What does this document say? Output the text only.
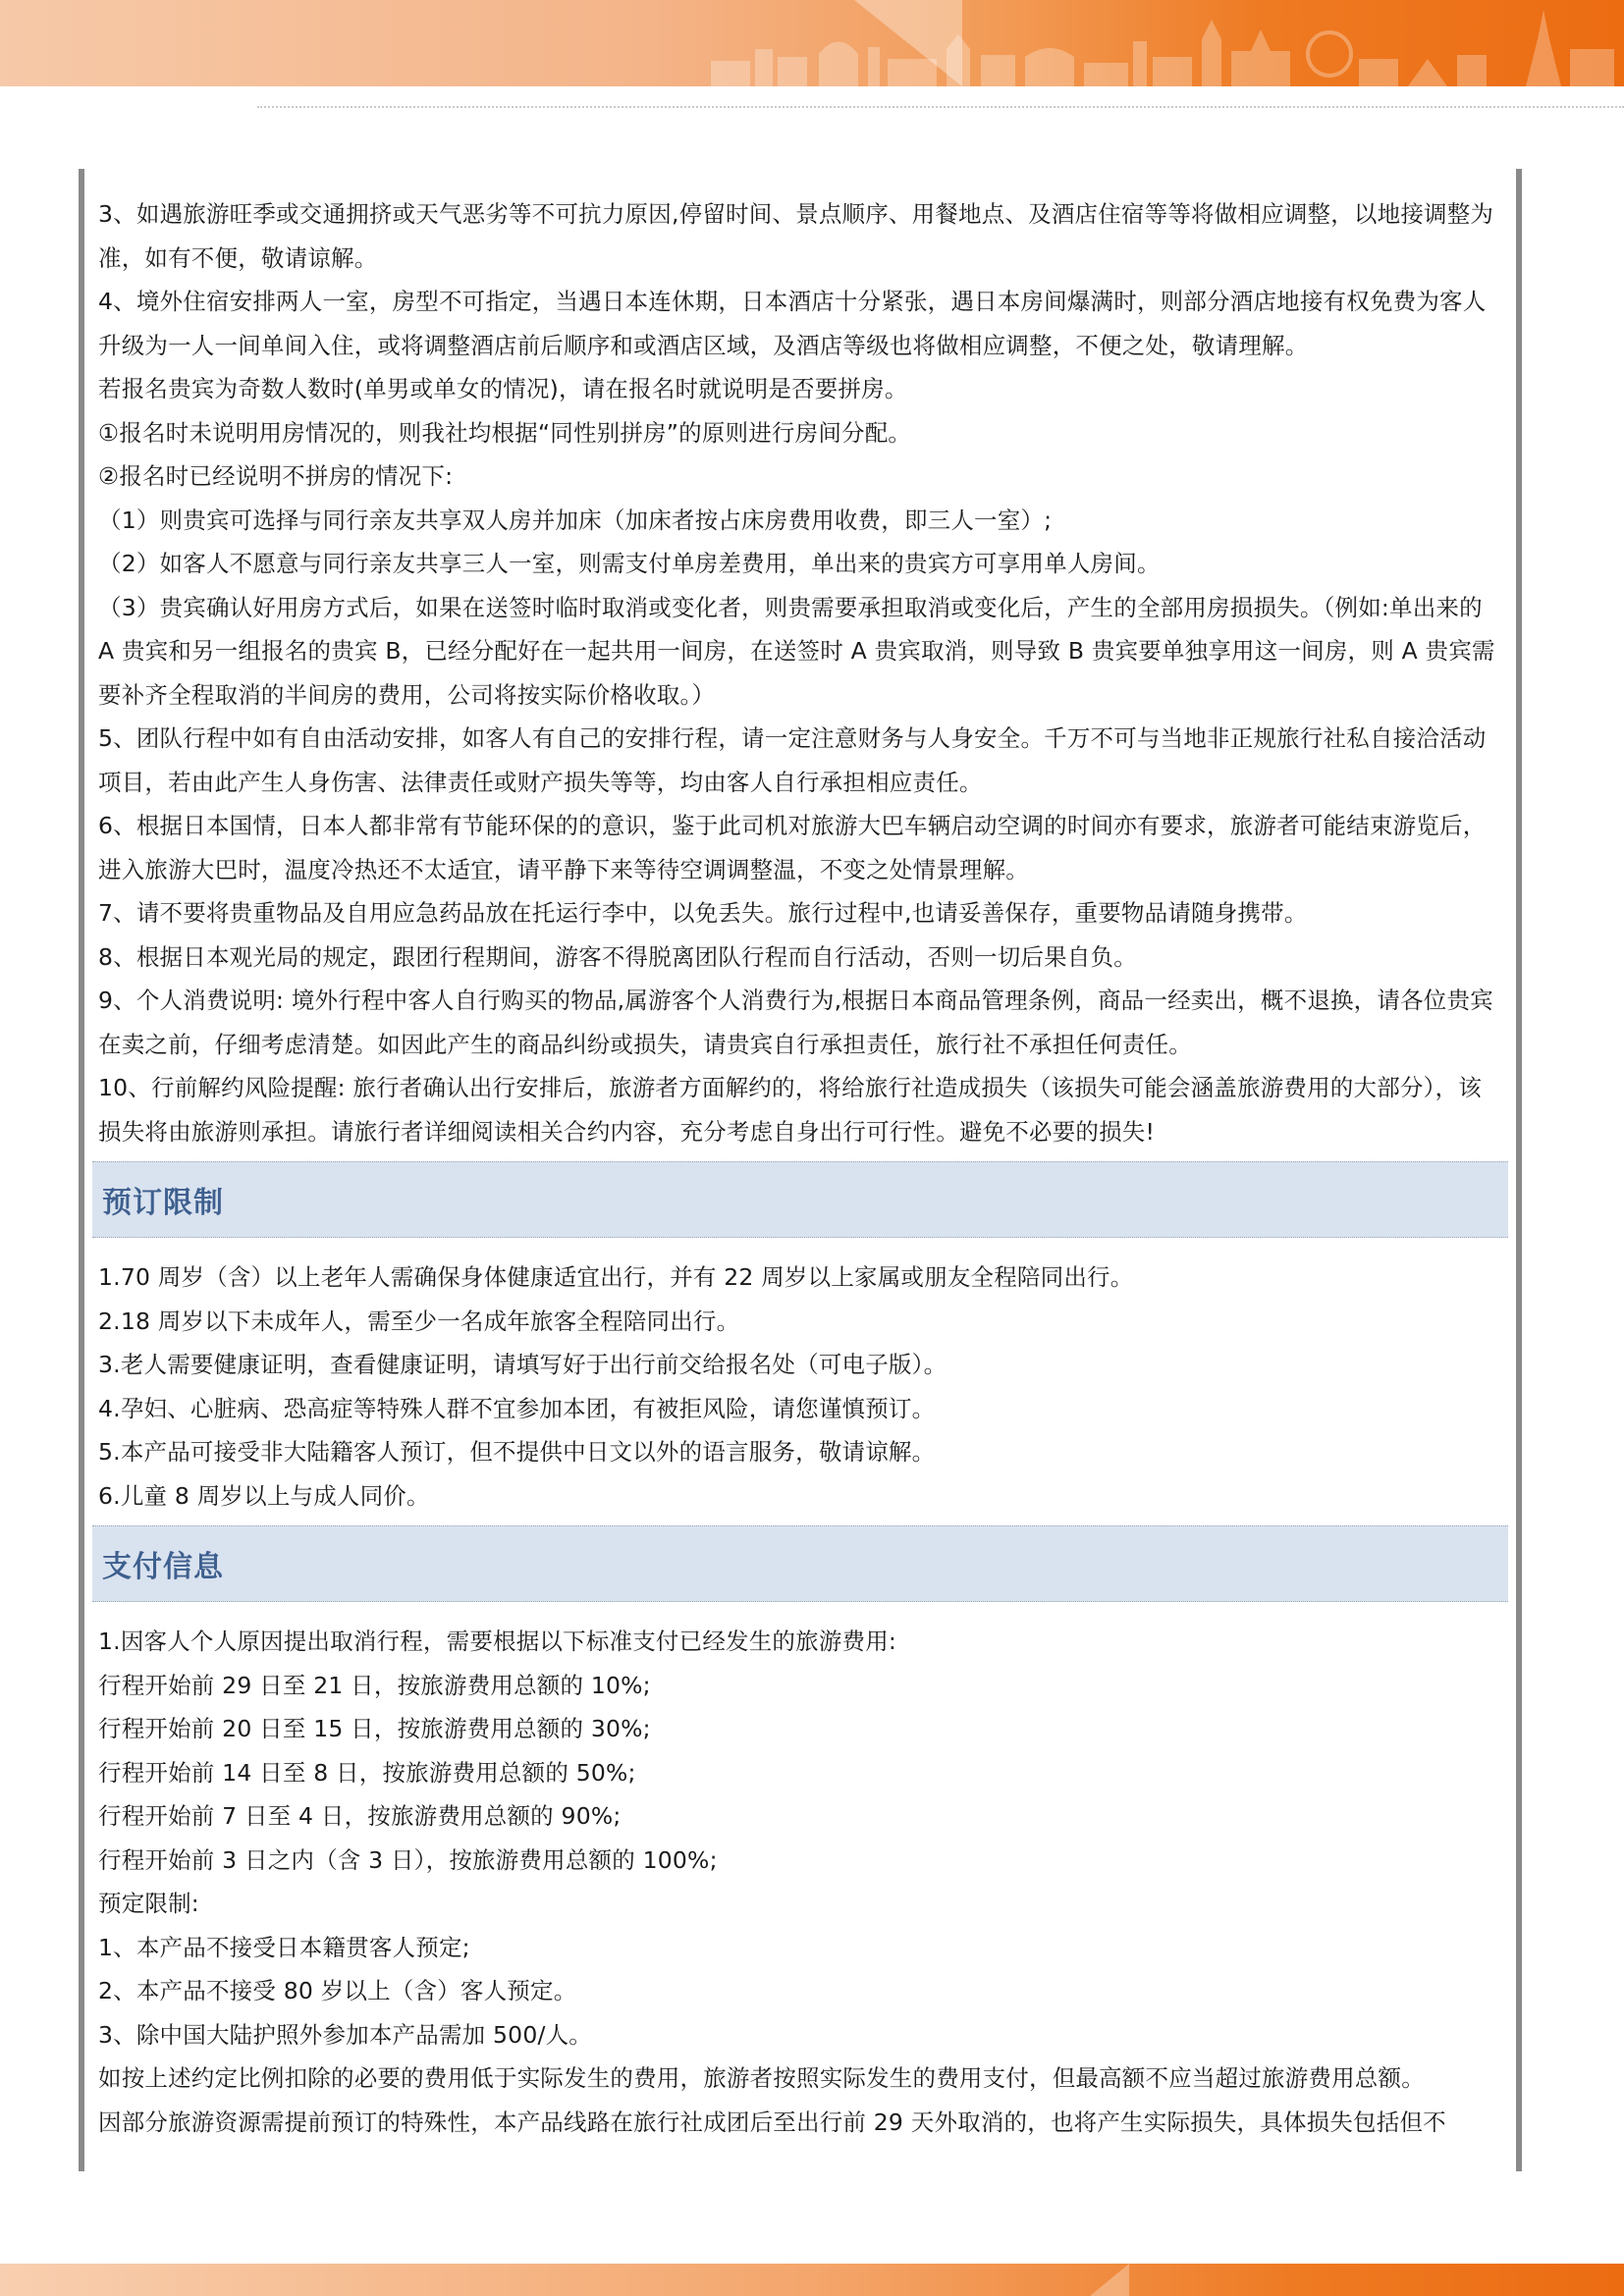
3、如遇旅游旺季或交通拥挤或天气恶劣等不可抗力原因,停留时间、景点顺序、用餐地点、及酒店住宿等等将做相应调整，以地接调整为准，如有不便，敬请谅解。

4、境外住宿安排两人一室，房型不可指定，当遇日本连休期，日本酒店十分紧张，遇日本房间爆满时，则部分酒店地接有权免费为客人升级为一人一间单间入住，或将调整酒店前后顺序和或酒店区域，及酒店等级也将做相应调整，不便之处，敬请理解。

若报名贵宾为奇数人数时(单男或单女的情况)，请在报名时就说明是否要拼房。

①报名时未说明用房情况的，则我社均根据“同性别拼房”的原则进行房间分配。

②报名时已经说明不拼房的情况下:

（1）则贵宾可选择与同行亲友共享双人房并加床（加床者按占床房费用收费，即三人一室）;

（2）如客人不愿意与同行亲友共享三人一室，则需支付单房差费用，单出来的贵宾方可享用单人房间。

（3）贵宾确认好用房方式后，如果在送签时临时取消或变化者，则贵需要承担取消或变化后，产生的全部用房损损失。（例如:单出来的 A 贵宾和另一组报名的贵宾 B，已经分配好在一起共用一间房，在送签时 A 贵宾取消，则导致 B 贵宾要单独享用这一间房，则 A 贵宾需要补齐全程取消的半间房的费用，公司将按实际价格收取。）

5、团队行程中如有自由活动安排，如客人有自己的安排行程，请一定注意财务与人身安全。千万不可与当地非正规旅行社私自接洽活动项目，若由此产生人身伤害、法律责任或财产损失等等，均由客人自行承担相应责任。

6、根据日本国情，日本人都非常有节能环保的的意识，鉴于此司机对旅游大巴车辆启动空调的时间亦有要求，旅游者可能结束游览后，进入旅游大巴时，温度冷热还不太适宜，请平静下来等待空调调整温，不变之处情景理解。

7、请不要将贵重物品及自用应急药品放在托运行李中，以免丢失。旅行过程中,也请妥善保存，重要物品请随身携带。

8、根据日本观光局的规定，跟团行程期间，游客不得脱离团队行程而自行活动，否则一切后果自负。

9、个人消费说明: 境外行程中客人自行购买的物品,属游客个人消费行为,根据日本商品管理条例，商品一经卖出，概不退换，请各位贵宾在卖之前，仔细考虑清楚。如因此产生的商品纠纷或损失，请贵宾自行承担责任，旅行社不承担任何责任。

10、行前解约风险提醒: 旅行者确认出行安排后，旅游者方面解约的，将给旅行社造成损失（该损失可能会涵盖旅游费用的大部分），该损失将由旅游则承担。请旅行者详细阅读相关合约内容，充分考虑自身出行可行性。避免不必要的损失!

预订限制

1.70 周岁（含）以上老年人需确保身体健康适宜出行，并有 22 周岁以上家属或朋友全程陪同出行。

2.18 周岁以下未成年人，需至少一名成年旅客全程陪同出行。

3.老人需要健康证明，查看健康证明，请填写好于出行前交给报名处（可电子版）。

4.孕妇、心脏病、恐高症等特殊人群不宜参加本团，有被拒风险，请您谨慎预订。

5.本产品可接受非大陆籍客人预订，但不提供中日文以外的语言服务，敬请谅解。

6.儿童 8 周岁以上与成人同价。

支付信息

1.因客人个人原因提出取消行程，需要根据以下标准支付已经发生的旅游费用:

行程开始前 29 日至 21 日，按旅游费用总额的 10%;

行程开始前 20 日至 15 日，按旅游费用总额的 30%;

行程开始前 14 日至 8 日，按旅游费用总额的 50%;

行程开始前 7 日至 4 日，按旅游费用总额的 90%;

行程开始前 3 日之内（含 3 日），按旅游费用总额的 100%;

预定限制:

1、本产品不接受日本籍贯客人预定;

2、本产品不接受 80 岁以上（含）客人预定。

3、除中国大陆护照外参加本产品需加 500/人。

如按上述约定比例扣除的必要的费用低于实际发生的费用，旅游者按照实际发生的费用支付，但最高额不应当超过旅游费用总额。

因部分旅游资源需提前预订的特殊性，本产品线路在旅行社成团后至出行前 29 天外取消的，也将产生实际损失，具体损失包括但不
